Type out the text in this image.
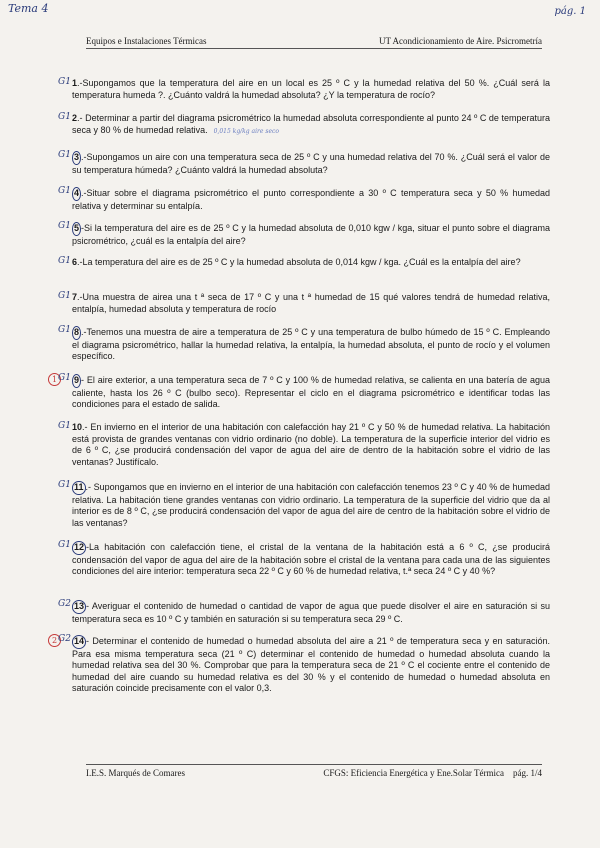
Tema 4	pág. 1
Equipos e Instalaciones Térmicas	UT Acondicionamiento de Aire. Psicrometría
G1 1.-Supongamos que la temperatura del aire en un local es 25 º C y la humedad relativa del 50 %. ¿Cuál será la temperatura humeda ?. ¿Cuánto valdrá la humedad absoluta? ¿Y la temperatura de rocío?
G1 2.- Determinar a partir del diagrama psicrométrico la humedad absoluta correspondiente al punto 24 º C de temperatura seca y 80 % de humedad relativa. 0,015 kg/kg aire seco
G1 3 .-Supongamos un aire con una temperatura seca de 25 º C y una humedad relativa del 70 %. ¿Cuál será el valor de su temperatura húmeda? ¿Cuánto valdrá la humedad absoluta?
G1 4 .-Situar sobre el diagrama psicrométrico el punto correspondiente a 30 º C temperatura seca y 50 % humedad relativa y determinar su entalpía.
G1 5 -Si la temperatura del aire es de 25 º C y la humedad absoluta de 0,010 kgw / kga, situar el punto sobre el diagrama psicrométrico, ¿cuál es la entalpía del aire?
G1 6.-La temperatura del aire es de 25 º C y la humedad absoluta de 0,014 kgw / kga. ¿Cuál es la entalpía del aire?
G1 7.-Una muestra de airea una t ª seca de 17 º C y una t ª humedad de 15 qué valores tendrá de humedad relativa, entalpía, humedad absoluta y temperatura de rocío
G1 8 .-Tenemos una muestra de aire a temperatura de 25 º C y una temperatura de bulbo húmedo de 15 º C. Empleando el diagrama psicrométrico, hallar la humedad relativa, la entalpía, la humedad absoluta, el punto de rocío y el volumen específico.
1 G1 9 - El aire exterior, a una temperatura seca de 7 º C y 100 % de humedad relativa, se calienta en una batería de agua caliente, hasta los 26 º C (bulbo seco). Representar el ciclo en el diagrama psicrométrico e identificar todas las condiciones para el estado de salida.
G1 10.- En invierno en el interior de una habitación con calefacción hay 21 º C y 50 % de humedad relativa. La habitación está provista de grandes ventanas con vidrio ordinario (no doble). La temperatura de la superficie interior del vidrio es de 6 º C, ¿se producirá condensación del vapor de agua del aire de dentro de la habitación sobre el vidrio de las ventanas? Justifícalo.
G1 11 .- Supongamos que en invierno en el interior de una habitación con calefacción tenemos 23 º C y 40 % de humedad relativa. La habitación tiene grandes ventanas con vidrio ordinario. La temperatura de la superficie del vidrio que da al interior es de 8 º C, ¿se producirá condensación del vapor de agua del aire de centro de la habitación sobre el vidrio de las ventanas?
G1 12 -La habitación con calefacción tiene, el cristal de la ventana de la habitación está a 6 º C, ¿se producirá condensación del vapor de agua del aire de la habitación sobre el cristal de la ventana para cada una de las siguientes condiciones del aire interior: temperatura seca 22 º C y 60 % de humedad relativa, t.ª seca 24 º C y 40 %?
G2 13 - Averiguar el contenido de humedad o cantidad de vapor de agua que puede disolver el aire en saturación si su temperatura seca es 10 º C y también en saturación si su temperatura seca 29 º C.
2 G2 14 - Determinar el contenido de humedad o humedad absoluta del aire a 21 º de temperatura seca y en saturación. Para esa misma temperatura seca (21 º C) determinar el contenido de humedad o humedad absoluta cuando la humedad relativa sea del 30 %. Comprobar que para la temperatura seca de 21 º C el cociente entre el contenido de humedad del aire cuando su humedad relativa es del 30 % y el contenido de humedad o humedad absoluta en saturación coincide precisamente con el valor 0,3.
I.E.S. Marqués de Comares	CFGS: Eficiencia Energética y Ene.Solar Térmica pág. 1/4
